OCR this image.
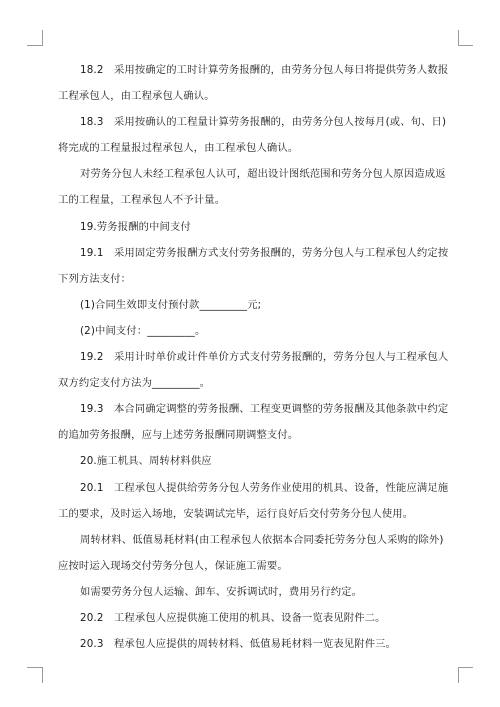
18.2　采用按确定的工时计算劳务报酬的，由劳务分包人每日将提供劳务人数报
工程承包人，由工程承包人确认。
18.3　采用按确认的工程量计算劳务报酬的，由劳务分包人按每月(或、旬、日)
将完成的工程量报过程承包人，由工程承包人确认。
对劳务分包人未经工程承包人认可，超出设计图纸范围和劳务分包人原因造成返
工的工程量，工程承包人不予计量。
19.劳务报酬的中间支付
19.1　采用固定劳务报酬方式支付劳务报酬的，劳务分包人与工程承包人约定按
下列方法支付：
(1)合同生效即支付预付款_________元;
(2)中间支付：_________。
19.2　采用计时单价或计件单价方式支付劳务报酬的，劳务分包人与工程承包人
双方约定支付方法为_________。
19.3　本合同确定调整的劳务报酬、工程变更调整的劳务报酬及其他条款中约定
的追加劳务报酬，应与上述劳务报酬同期调整支付。
20.施工机具、周转材料供应
20.1　工程承包人提供给劳务分包人劳务作业使用的机具、设备，性能应满足施
工的要求，及时运入场地，安装调试完毕，运行良好后交付劳务分包人使用。
周转材料、低值易耗材料(由工程承包人依据本合同委托劳务分包人采购的除外)
应按时运入现场交付劳务分包人，保证施工需要。
如需要劳务分包人运输、卸车、安拆调试时，费用另行约定。
20.2　工程承包人应提供施工使用的机具、设备一览表见附件二。
20.3　程承包人应提供的周转材料、低值易耗材料一览表见附件三。
